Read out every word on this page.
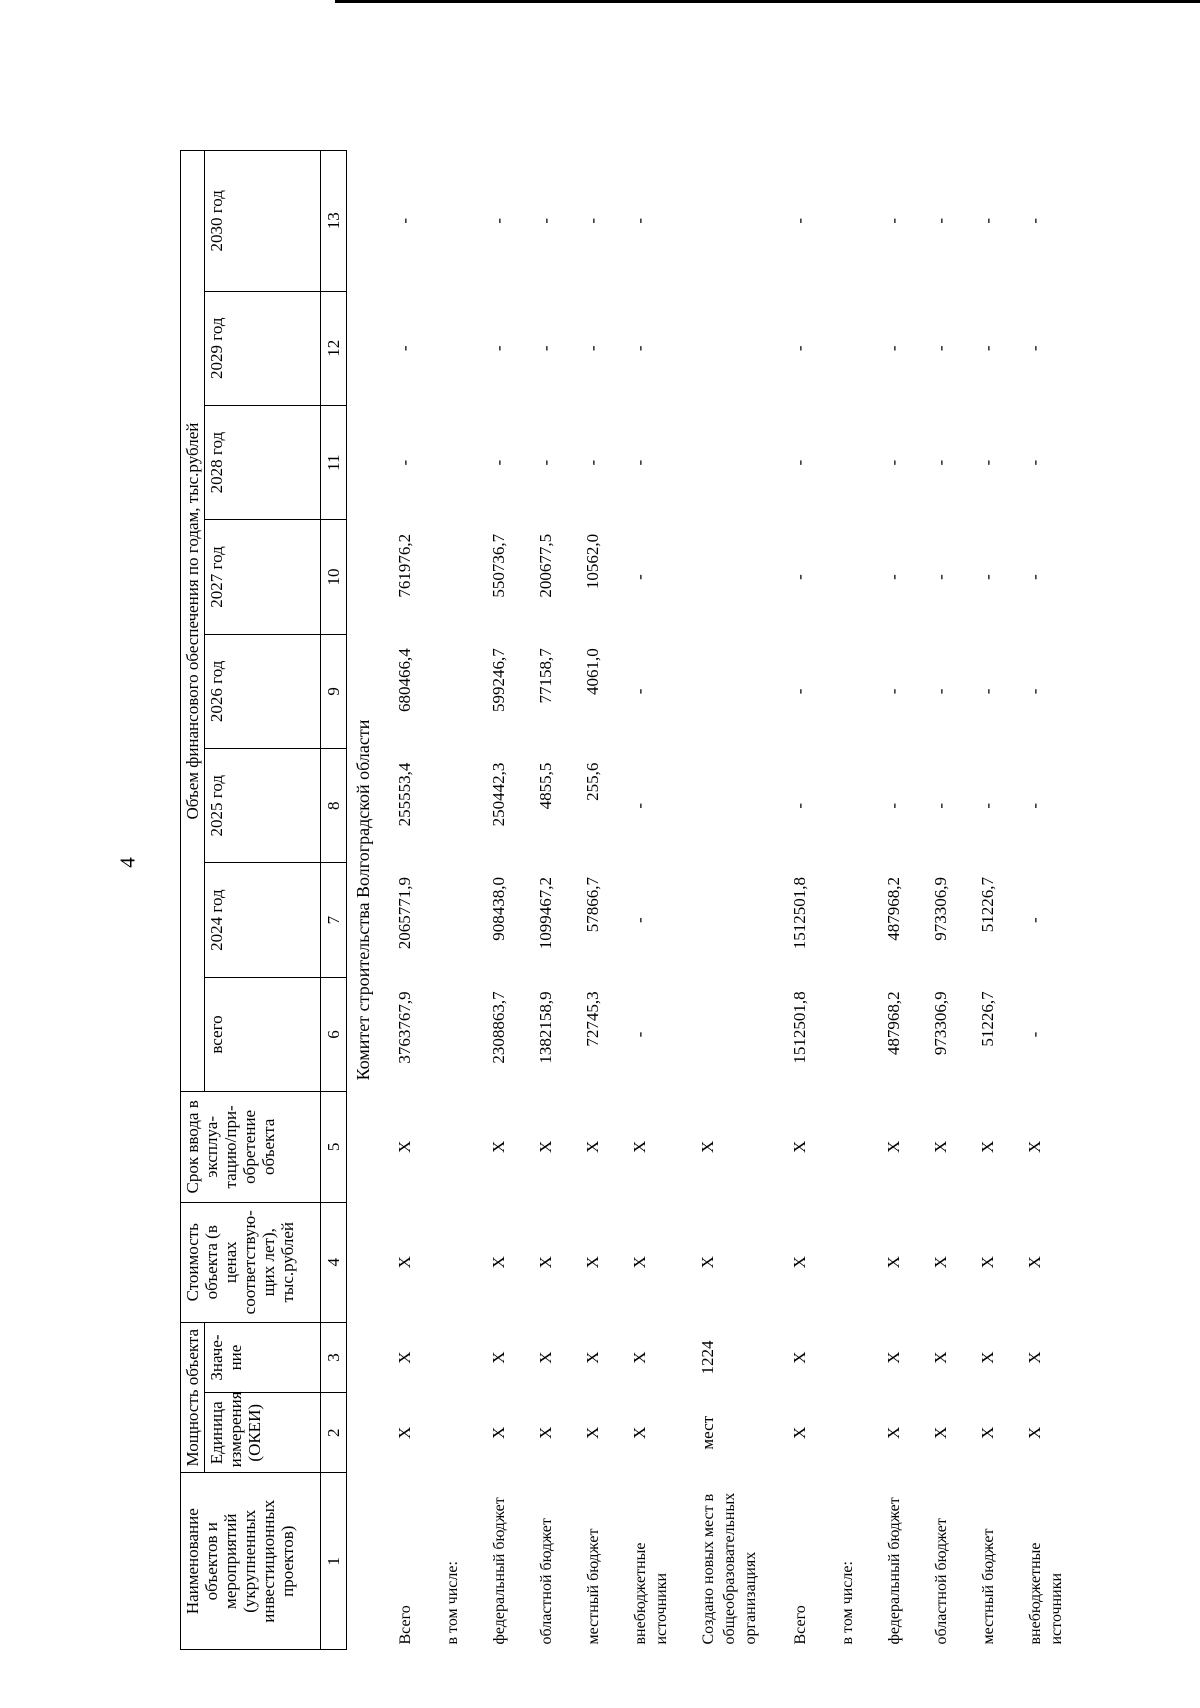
4
Наименование объектов и мероприятий (укрупненных инвестиционных проектов)	Мощность объекта		Стоимость объекта (в ценах соответствую-щих лет), тыс.рублей	Срок ввода в эксплуа-тацию/при-обретение объекта	Объем финансового обеспечения по годам, тыс.рублей							
	Единица измерения (ОКЕИ)	Значе-ние			всего	2024 год	2025 год	2026 год	2027 год	2028 год	2029 год	2030 год
1	2	3	4	5	6	7	8	9	10	11	12	13
Комитет строительства Волгоградской области												
Всего	X	X	X	X	3763767,9	2065771,9	255553,4	680466,4	761976,2	-	-	-
в том числе:												
федеральный бюджет	X	X	X	X	2308863,7	908438,0	250442,3	599246,7	550736,7	-	-	-
областной бюджет	X	X	X	X	1382158,9	1099467,2	4855,5	77158,7	200677,5	-	-	-
местный бюджет	X	X	X	X	72745,3	57866,7	255,6	4061,0	10562,0	-	-	-
внебюджетные источники	X	X	X	X	-	-	-	-	-	-	-	-
Создано новых мест в общеобразовательных организациях	мест	1224	X	X								
Всего	X	X	X	X	1512501,8	1512501,8	-	-	-	-	-	-
в том числе:												
федеральный бюджет	X	X	X	X	487968,2	487968,2	-	-	-	-	-	-
областной бюджет	X	X	X	X	973306,9	973306,9	-	-	-	-	-	-
местный бюджет	X	X	X	X	51226,7	51226,7	-	-	-	-	-	-
внебюджетные источники	X	X	X	X	-	-	-	-	-	-	-	-
